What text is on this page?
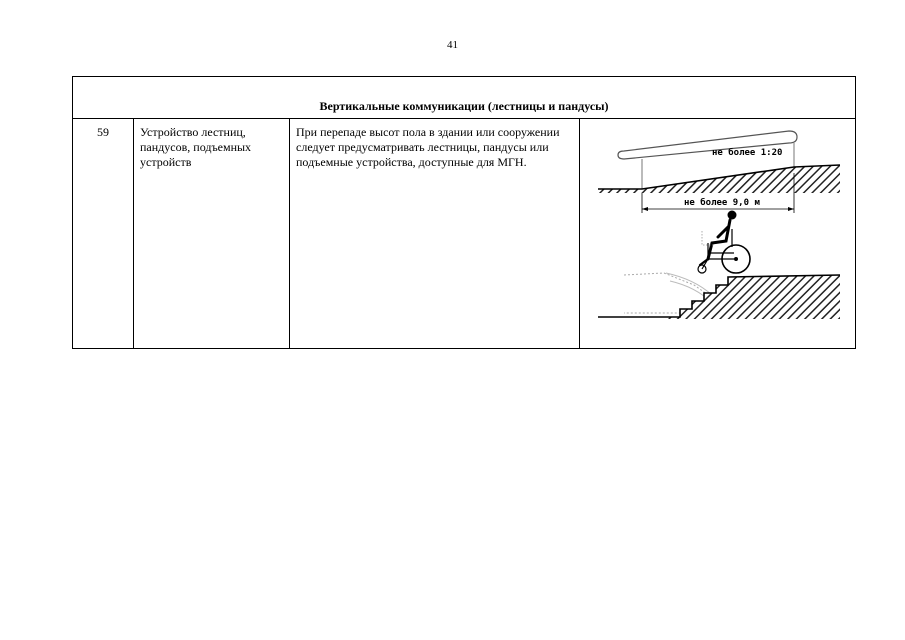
41
Вертикальные коммуникации (лестницы и пандусы)

59	Устройство лестниц, пандусов, подъемных устройств	При перепаде высот пола в здании или сооружении следует предусматривать лестницы, пандусы или подъемные устройства, доступные для МГН.	
не более 1:20
не более 9,0 м
